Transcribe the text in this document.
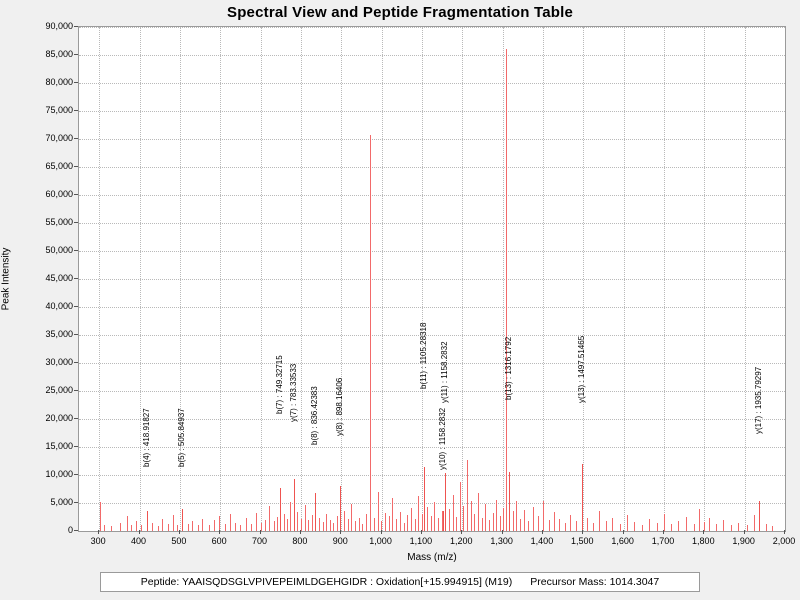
Spectral View and Peptide Fragmentation Table
Peak Intensity
Mass (m/z)
b(4) : 418.91827	b(5) : 505.84937
b(7) : 749.32715 y(7) : 783.33533 b(8) : 836.42383 y(8) : 898.16406
b(11) : 1105.28318 y(11) : 1158.2832
y(10) : 1158.2832
b(13) : 1316.1792	y(13) : 1497.51465	y(17) : 1935.79297
0
5,000
10,000
15,000
20,000
25,000
30,000
35,000
40,000
45,000
50,000
55,000
60,000
65,000
70,000
75,000
80,000
85,000
90,000
300	400	500	600	700	800	900 1,000 1,100 1,200 1,300 1,400 1,500 1,600 1,700 1,800 1,900 2,000
Peptide: YAAISQDSGLVPIVEPEIMLDGEHGIDR : Oxidation[+15.994915] (M19) Precursor Mass: 1014.3047
